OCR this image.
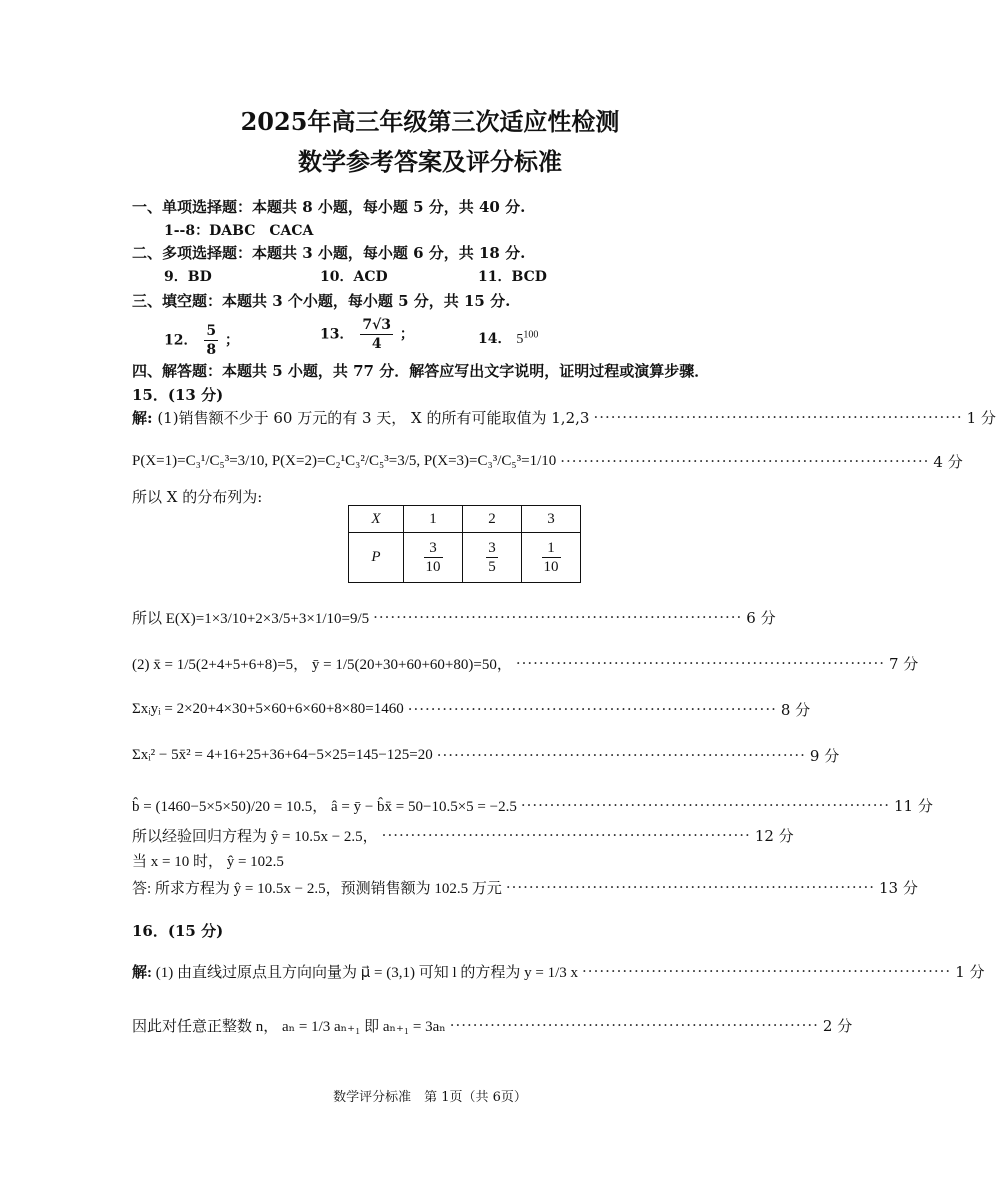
2025年高三年级第三次适应性检测
数学参考答案及评分标准
一、单项选择题：本题共 8 小题，每小题 5 分，共 40 分.
1--8：DABC　CACA
二、多项选择题：本题共 3 小题，每小题 6 分，共 18 分.
9．BD	10．ACD	11．BCD
三、填空题：本题共 3 个小题，每小题 5 分，共 15 分.
12． $\frac{5}{8}$ ；	13． $\frac{7√3}{4}$ ；	14． $5^{100}$
四、解答题：本题共 5 小题，共 77 分．解答应写出文字说明，证明过程或演算步骤．
15．(13 分)
解: (1)销售额不少于 60 万元的有 3 天， X 的所有可能取值为 1,2,3 ································································ 1 分
P(X=1)=C₃¹/C₅³=3/10, P(X=2)=C₂¹C₃²/C₅³=3/5, P(X=3)=C₃³/C₅³=1/10 ································································ 4 分
所以 X 的分布列为:
X	1	2	3
P	$\frac{3}{10}$	$\frac{3}{5}$	$\frac{1}{10}$
所以 E(X)=1×3/10+2×3/5+3×1/10=9/5 ································································ 6 分
(2) x̄ = 1/5(2+4+5+6+8)=5， ȳ = 1/5(20+30+60+60+80)=50， ································································ 7 分
Σxᵢyᵢ = 2×20+4×30+5×60+6×60+8×80=1460 ································································ 8 分
Σxᵢ² − 5x̄² = 4+16+25+36+64−5×25=145−125=20 ································································ 9 分
b̂ = (1460−5×5×50)/20 = 10.5， â = ȳ − b̂x̄ = 50−10.5×5 = −2.5 ································································ 11 分
所以经验回归方程为 ŷ = 10.5x − 2.5， ································································ 12 分
当 x = 10 时， ŷ = 102.5
答: 所求方程为 ŷ = 10.5x − 2.5，预测销售额为 102.5 万元 ································································ 13 分
16．(15 分)
解: (1) 由直线过原点且方向向量为 μ⃗ = (3,1) 可知 l 的方程为 y = 1/3 x ································································ 1 分
因此对任意正整数 n， aₙ = 1/3 aₙ₊₁ 即 aₙ₊₁ = 3aₙ ································································ 2 分
数学评分标准　第 1页（共 6页）
